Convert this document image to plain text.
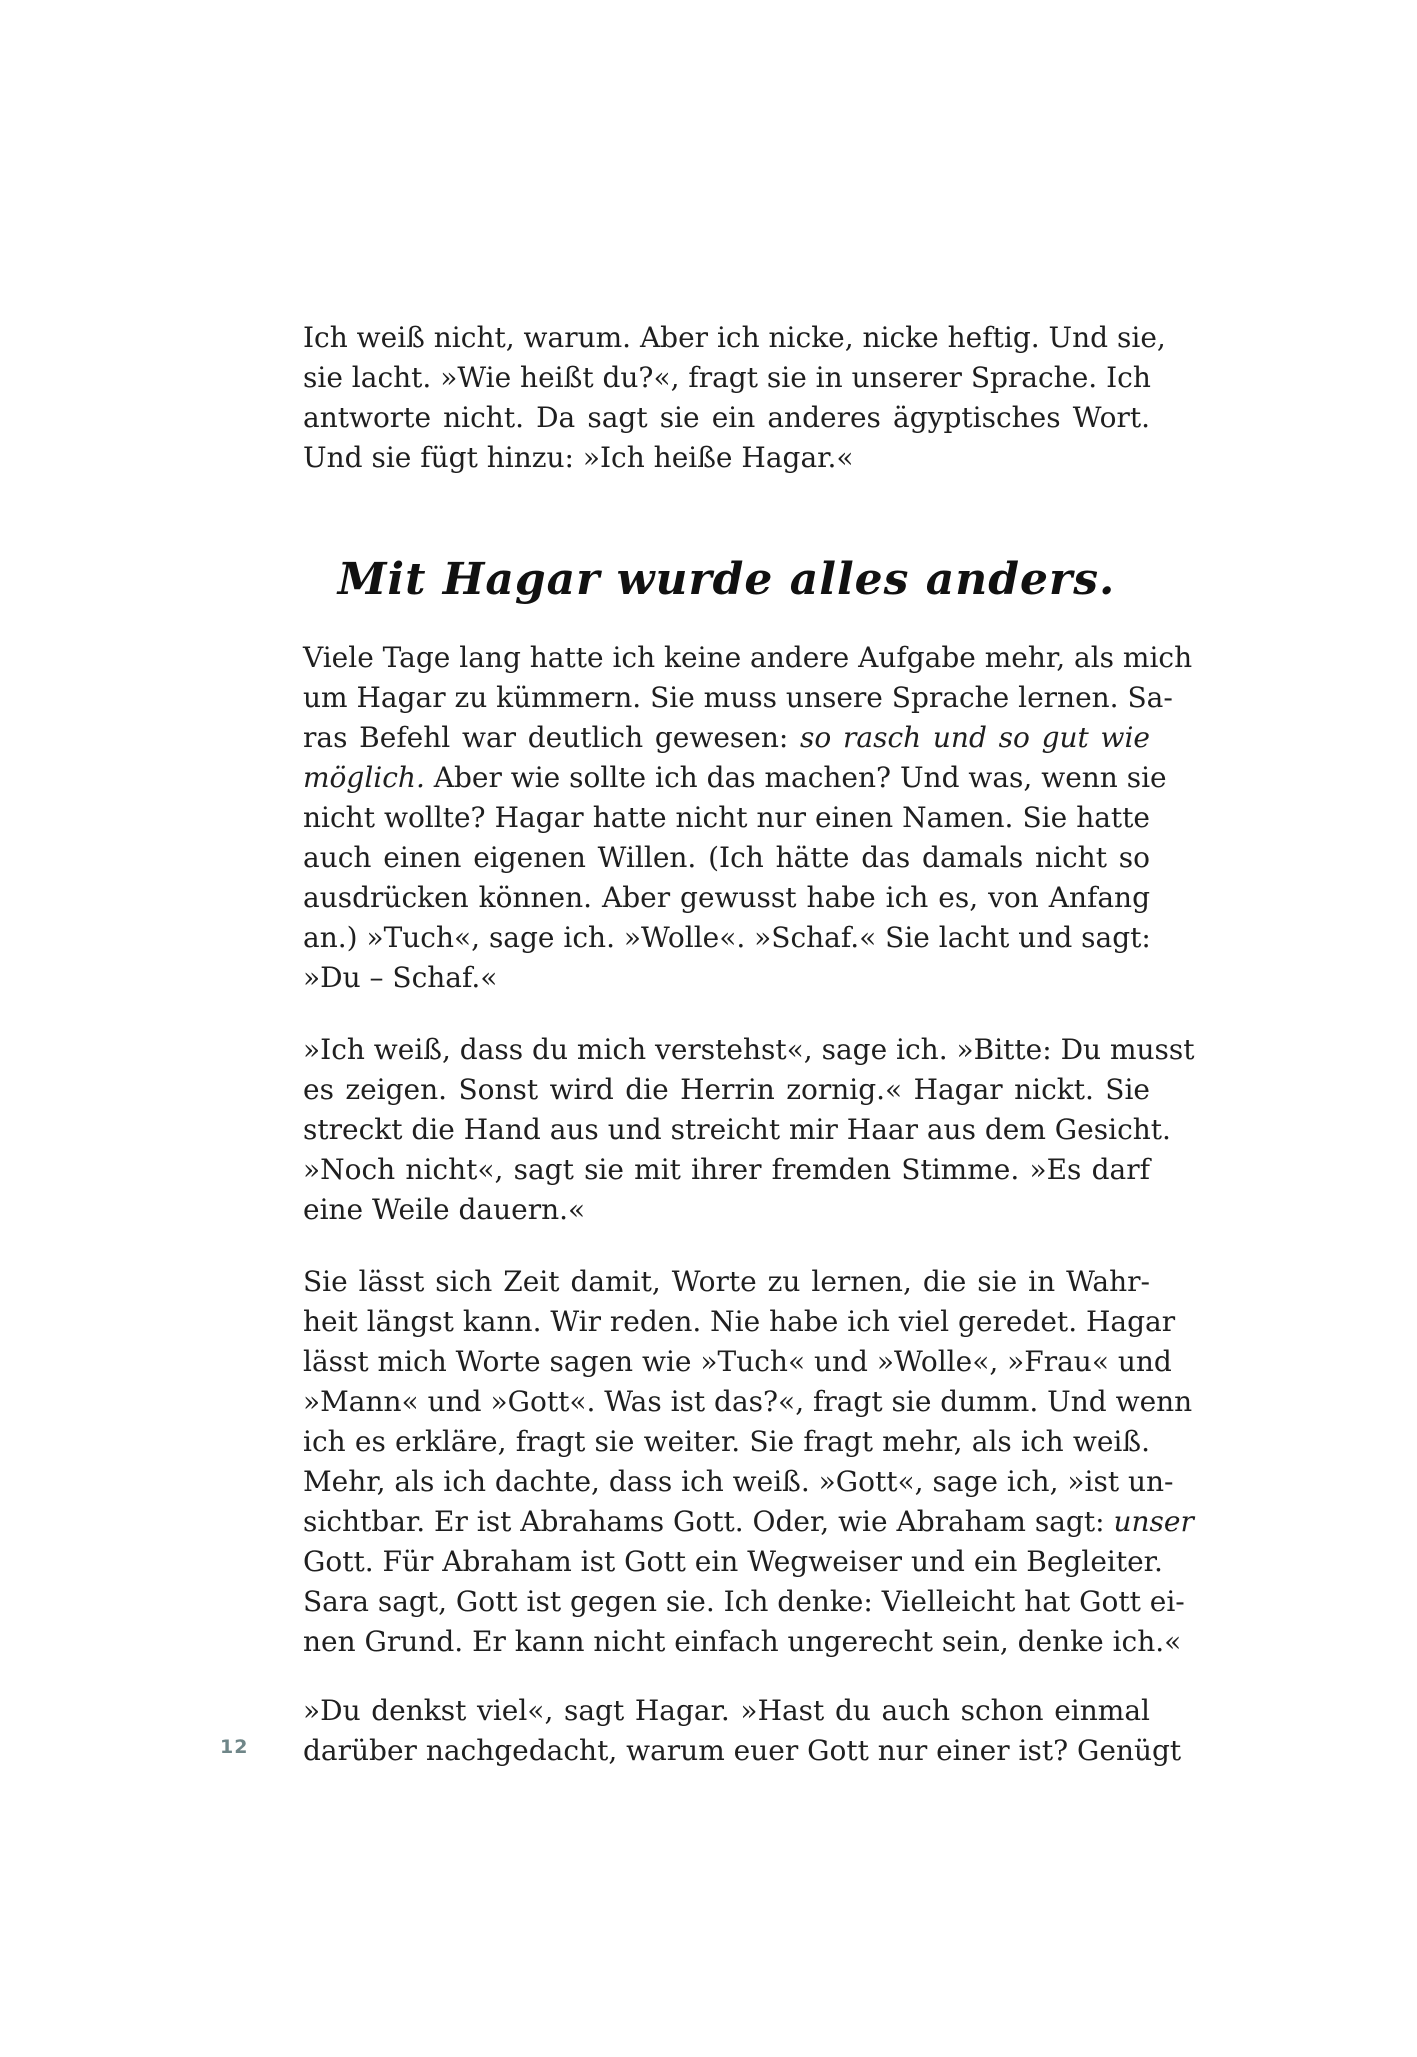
Ich weiß nicht, warum. Aber ich nicke, nicke heftig. Und sie,
sie lacht. »Wie heißt du?«, fragt sie in unserer Sprache. Ich
antworte nicht. Da sagt sie ein anderes ägyptisches Wort.
Und sie fügt hinzu: »Ich heiße Hagar.«
Mit Hagar wurde alles anders.
Viele Tage lang hatte ich keine andere Aufgabe mehr, als mich
um Hagar zu kümmern. Sie muss unsere Sprache lernen. Sa-
ras Befehl war deutlich gewesen: so rasch und so gut wie
möglich. Aber wie sollte ich das machen? Und was, wenn sie
nicht wollte? Hagar hatte nicht nur einen Namen. Sie hatte
auch einen eigenen Willen. (Ich hätte das damals nicht so
ausdrücken können. Aber gewusst habe ich es, von Anfang
an.) »Tuch«, sage ich. »Wolle«. »Schaf.« Sie lacht und sagt:
»Du – Schaf.«
»Ich weiß, dass du mich verstehst«, sage ich. »Bitte: Du musst
es zeigen. Sonst wird die Herrin zornig.« Hagar nickt. Sie
streckt die Hand aus und streicht mir Haar aus dem Gesicht.
»Noch nicht«, sagt sie mit ihrer fremden Stimme. »Es darf
eine Weile dauern.«
Sie lässt sich Zeit damit, Worte zu lernen, die sie in Wahr-
heit längst kann. Wir reden. Nie habe ich viel geredet. Hagar
lässt mich Worte sagen wie »Tuch« und »Wolle«, »Frau« und
»Mann« und »Gott«. Was ist das?«, fragt sie dumm. Und wenn
ich es erkläre, fragt sie weiter. Sie fragt mehr, als ich weiß.
Mehr, als ich dachte, dass ich weiß. »Gott«, sage ich, »ist un-
sichtbar. Er ist Abrahams Gott. Oder, wie Abraham sagt: unser
Gott. Für Abraham ist Gott ein Wegweiser und ein Begleiter.
Sara sagt, Gott ist gegen sie. Ich denke: Vielleicht hat Gott ei-
nen Grund. Er kann nicht einfach ungerecht sein, denke ich.«
»Du denkst viel«, sagt Hagar. »Hast du auch schon einmal
darüber nachgedacht, warum euer Gott nur einer ist? Genügt
12
